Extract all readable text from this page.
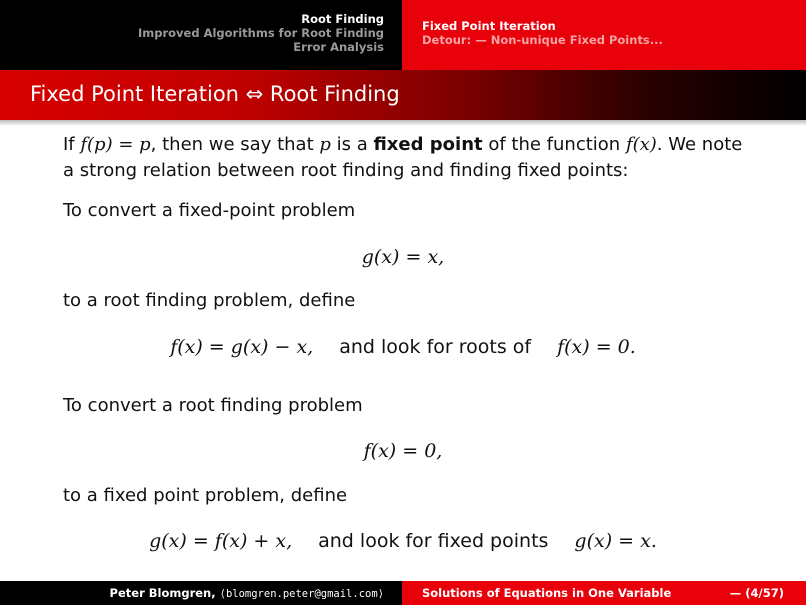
Root Finding
Improved Algorithms for Root Finding
Error Analysis
Fixed Point Iteration
Detour: — Non-unique Fixed Points...
Fixed Point Iteration ⇔ Root Finding

If f(p) = p, then we say that p is a fixed point of the function f(x). We note a strong relation between root finding and finding fixed points:

To convert a fixed-point problem
g(x) = x,
to a root finding problem, define
f(x) = g(x) − x, and look for roots of f(x) = 0.
To convert a root finding problem
f(x) = 0,
to a fixed point problem, define
g(x) = f(x) + x, and look for fixed points g(x) = x.
Peter Blomgren, ⟨blomgren.peter@gmail.com⟩	Solutions of Equations in One Variable	— (4/57)
